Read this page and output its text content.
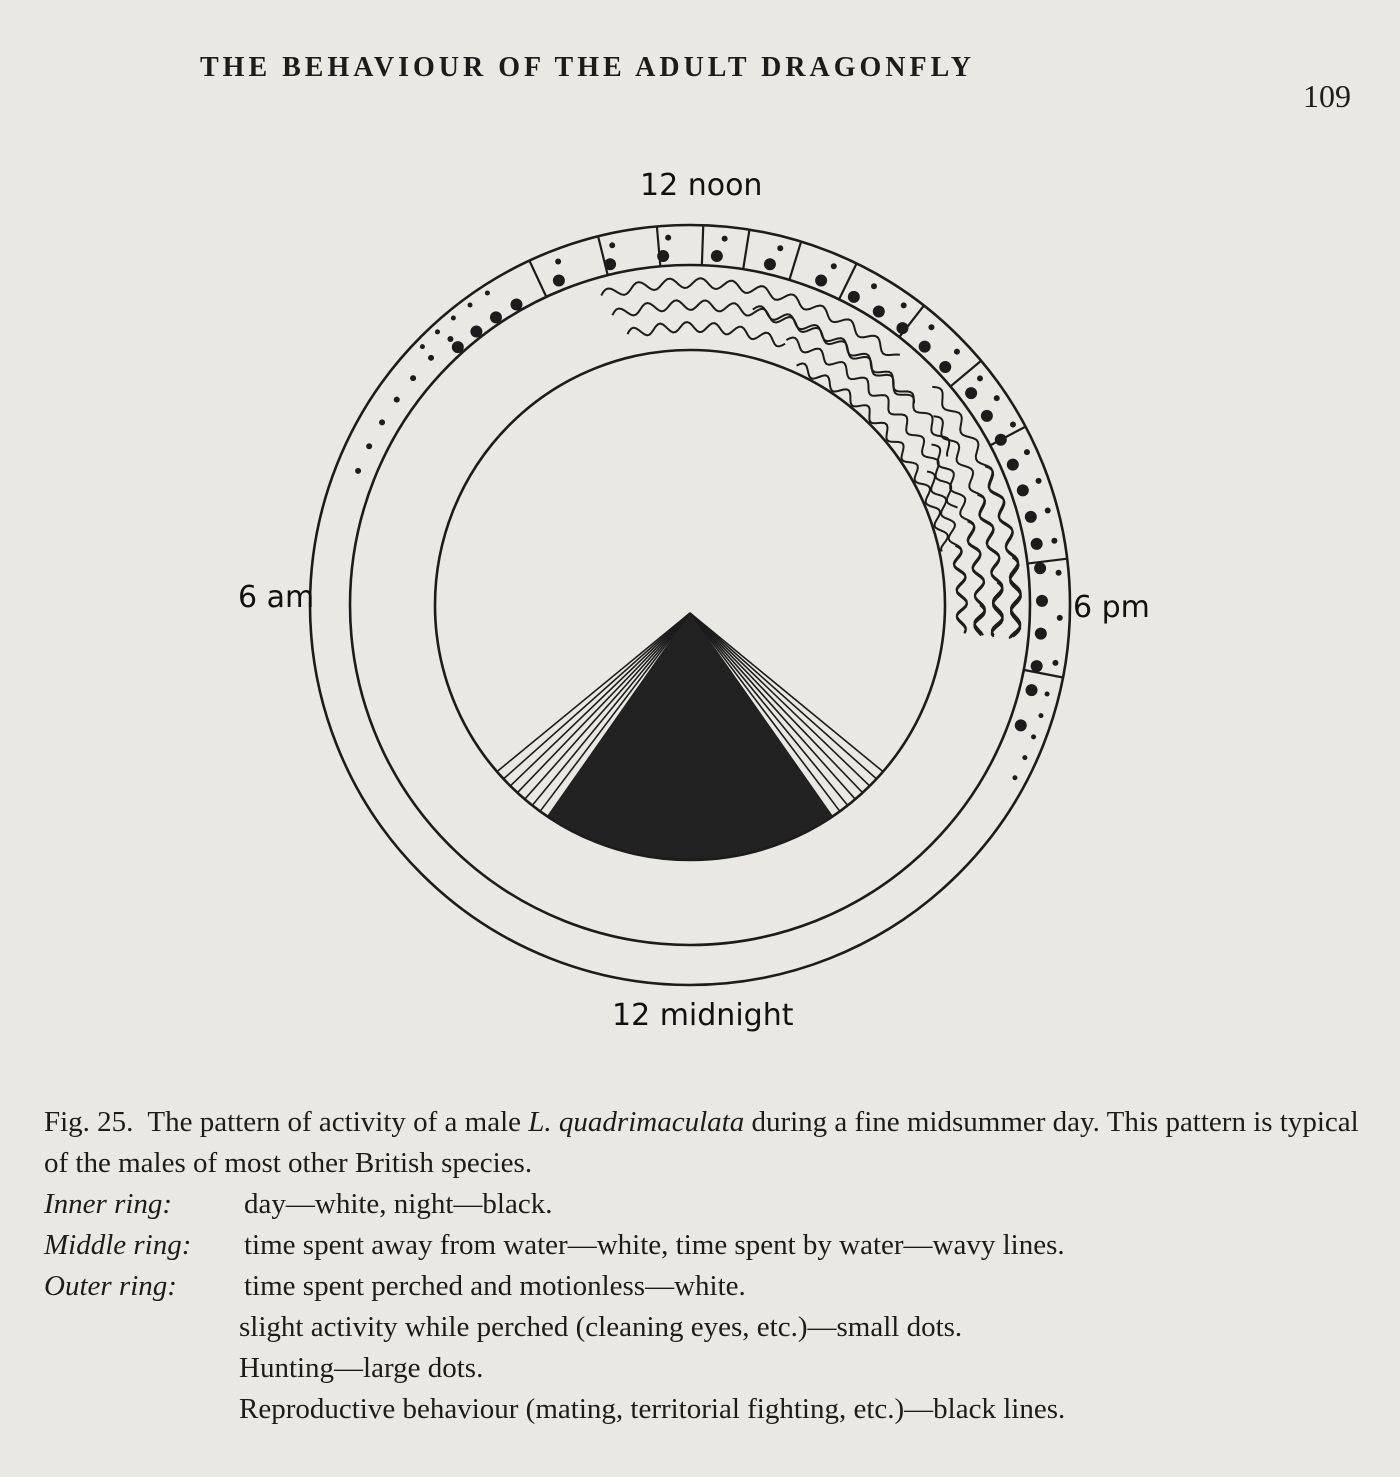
THE BEHAVIOUR OF THE ADULT DRAGONFLY
109
12 noon
12 midnight
6 am	6 pm

Fig. 25. The pattern of activity of a male L. quadrimaculata during a fine midsummer day. This pattern is typical of the males of most other British species.

Inner ring: day—white, night—black.

Middle ring: time spent away from water—white, time spent by water—wavy lines.

Outer ring: time spent perched and motionless—white.

slight activity while perched (cleaning eyes, etc.)—small dots.

Hunting—large dots.

Reproductive behaviour (mating, territorial fighting, etc.)—black lines.
